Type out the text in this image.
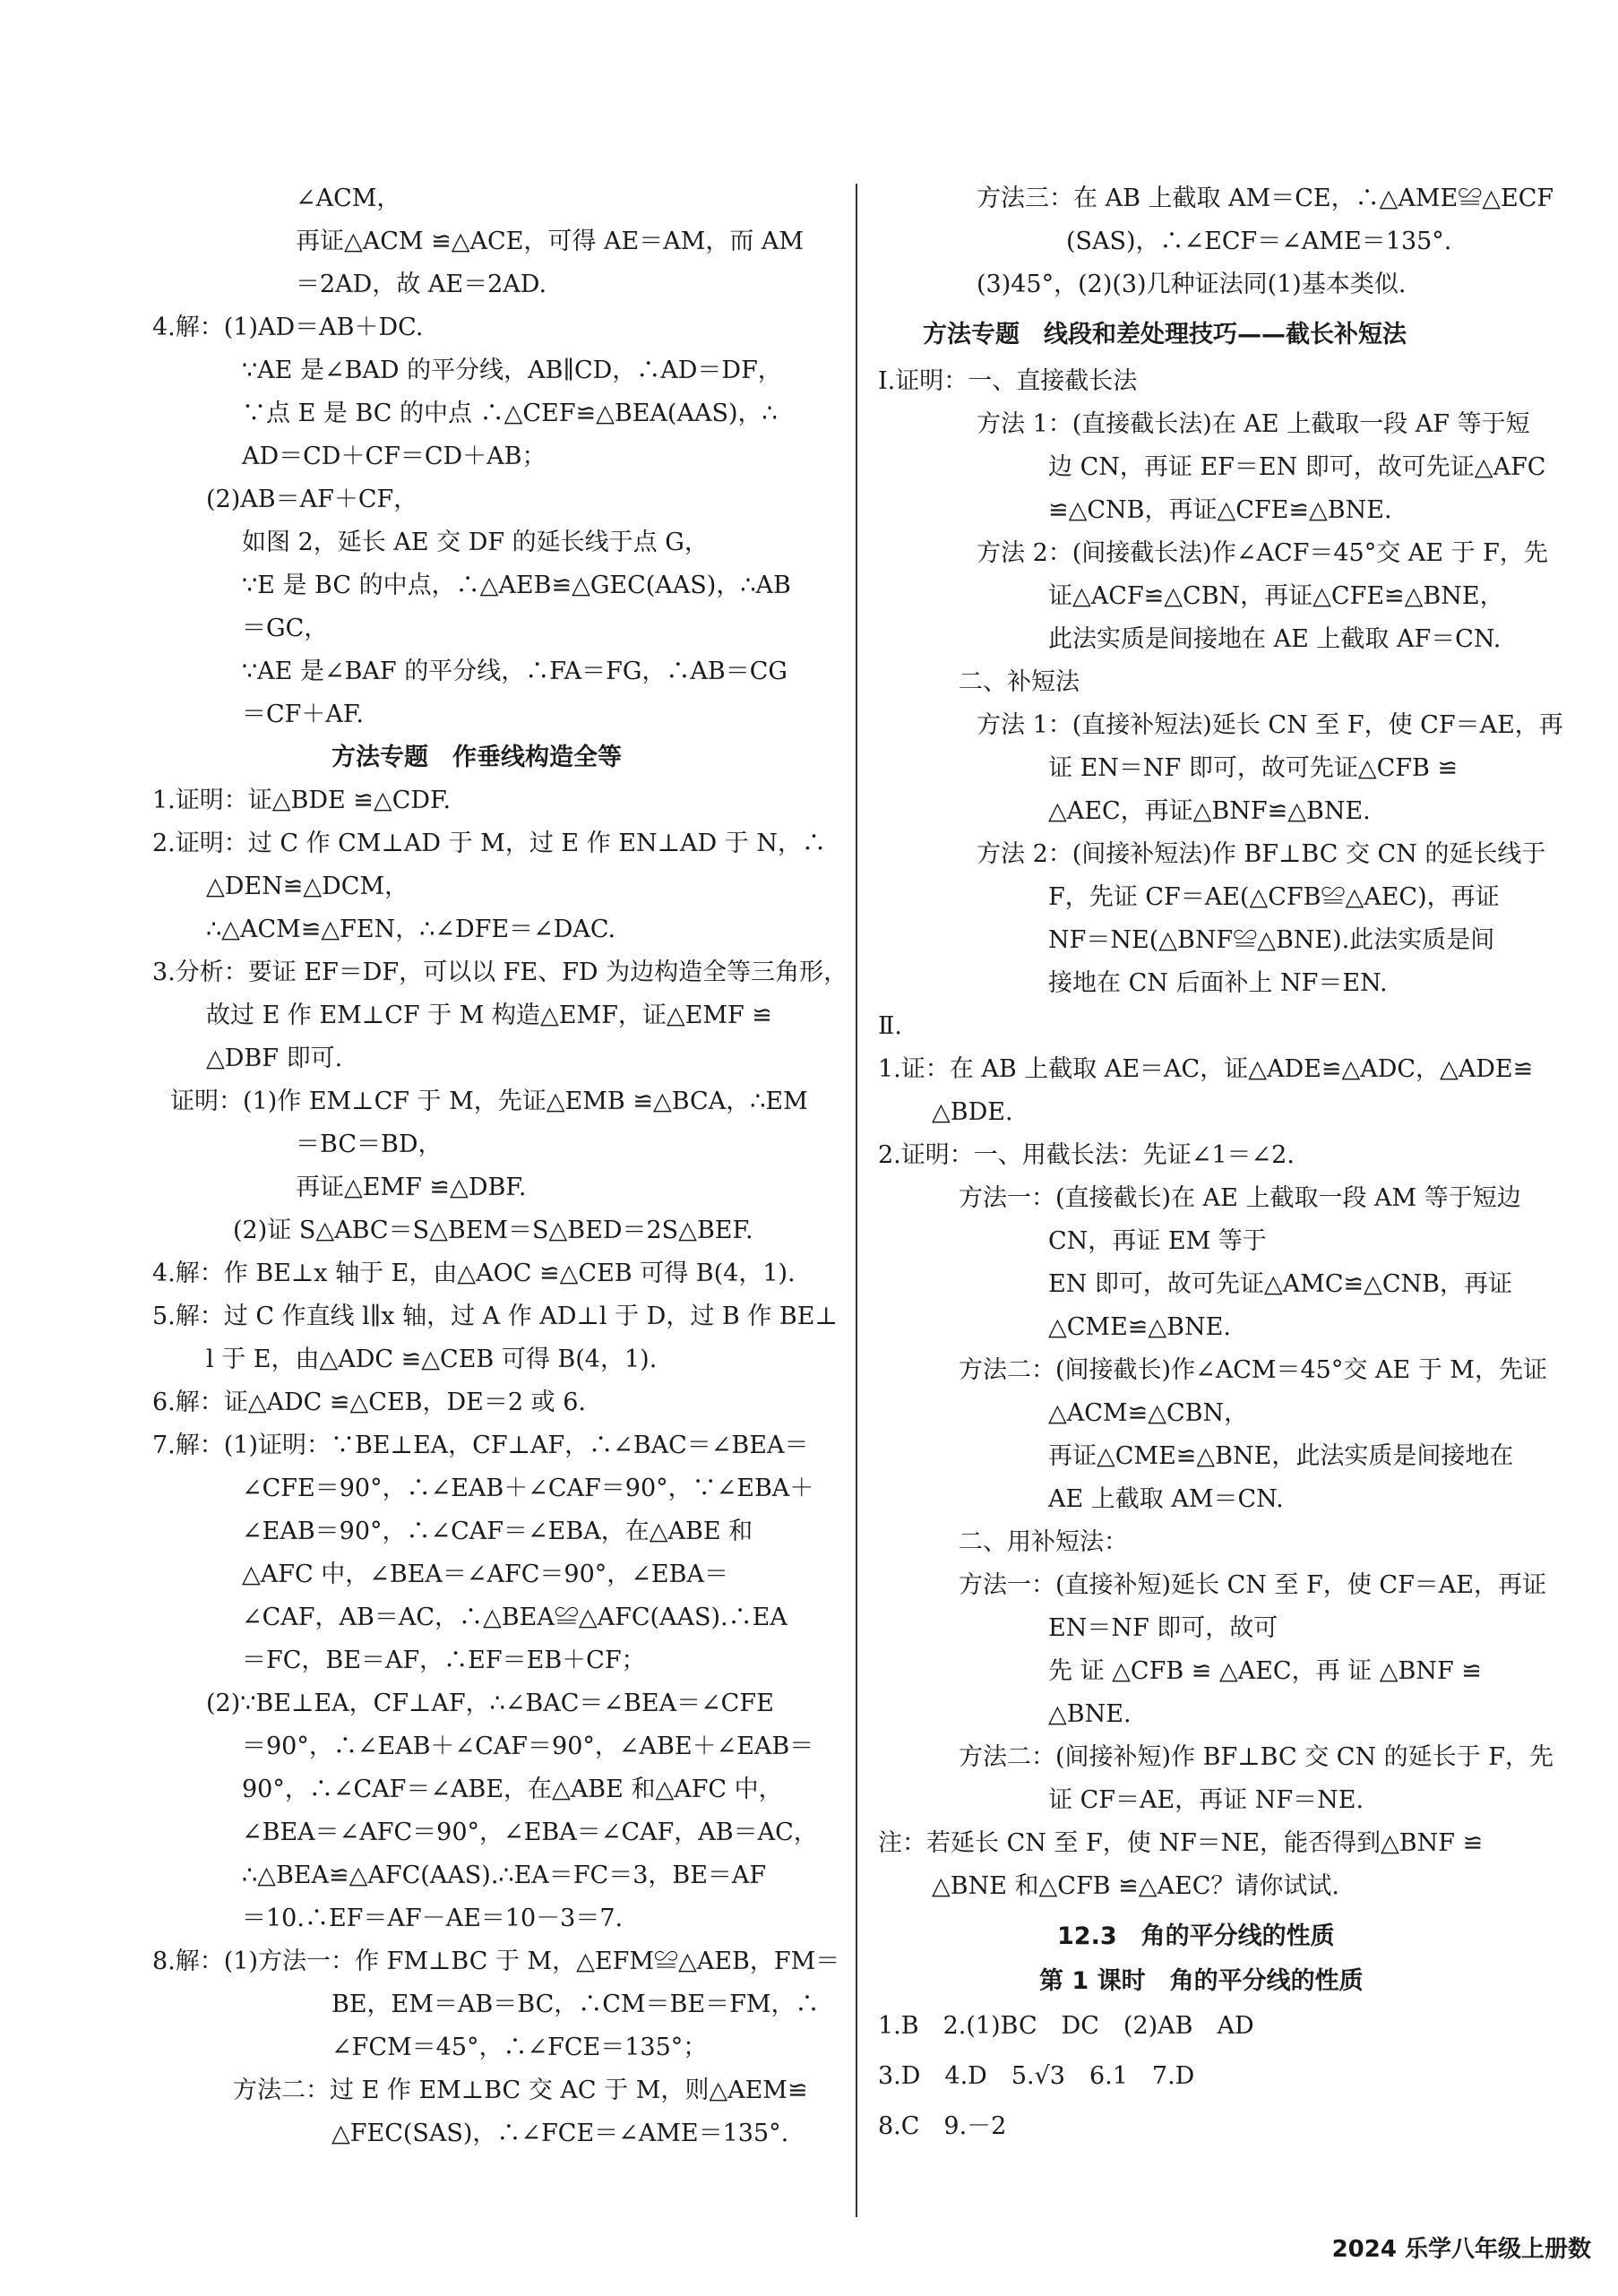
∠ACM，
再证△ACM ≌△ACE，可得 AE＝AM，而 AM
＝2AD，故 AE＝2AD.
4.解：(1)AD＝AB＋DC.
∵AE 是∠BAD 的平分线，AB∥CD，∴AD＝DF，
∵点 E 是 BC 的中点 ∴△CEF≌△BEA(AAS)，∴
AD＝CD＋CF＝CD＋AB；
(2)AB＝AF＋CF，
如图 2，延长 AE 交 DF 的延长线于点 G，
∵E 是 BC 的中点，∴△AEB≌△GEC(AAS)，∴AB
＝GC，
∵AE 是∠BAF 的平分线，∴FA＝FG，∴AB＝CG
＝CF＋AF.
方法专题　作垂线构造全等
1.证明：证△BDE ≌△CDF.
2.证明：过 C 作 CM⊥AD 于 M，过 E 作 EN⊥AD 于 N，∴
△DEN≌△DCM，
∴△ACM≌△FEN，∴∠DFE＝∠DAC.
3.分析：要证 EF＝DF，可以以 FE、FD 为边构造全等三角形，
故过 E 作 EM⊥CF 于 M 构造△EMF，证△EMF ≌
△DBF 即可.
证明：(1)作 EM⊥CF 于 M，先证△EMB ≌△BCA，∴EM
＝BC＝BD，
再证△EMF ≌△DBF.
(2)证 S△ABC＝S△BEM＝S△BED＝2S△BEF.
4.解：作 BE⊥x 轴于 E，由△AOC ≌△CEB 可得 B(4，1).
5.解：过 C 作直线 l∥x 轴，过 A 作 AD⊥l 于 D，过 B 作 BE⊥
l 于 E，由△ADC ≌△CEB 可得 B(4，1).
6.解：证△ADC ≌△CEB，DE＝2 或 6.
7.解：(1)证明：∵BE⊥EA，CF⊥AF，∴∠BAC＝∠BEA＝
∠CFE＝90°，∴∠EAB＋∠CAF＝90°，∵∠EBA＋
∠EAB＝90°，∴∠CAF＝∠EBA，在△ABE 和
△AFC 中，∠BEA＝∠AFC＝90°，∠EBA＝
∠CAF，AB＝AC，∴△BEA≌△AFC(AAS).∴EA
＝FC，BE＝AF，∴EF＝EB＋CF；
(2)∵BE⊥EA，CF⊥AF，∴∠BAC＝∠BEA＝∠CFE
＝90°，∴∠EAB＋∠CAF＝90°，∠ABE＋∠EAB＝
90°，∴∠CAF＝∠ABE，在△ABE 和△AFC 中，
∠BEA＝∠AFC＝90°，∠EBA＝∠CAF，AB＝AC，
∴△BEA≌△AFC(AAS).∴EA＝FC＝3，BE＝AF
＝10.∴EF＝AF－AE＝10－3＝7.
8.解：(1)方法一：作 FM⊥BC 于 M，△EFM≌△AEB，FM＝
BE，EM＝AB＝BC，∴CM＝BE＝FM，∴
∠FCM＝45°，∴∠FCE＝135°；
方法二：过 E 作 EM⊥BC 交 AC 于 M，则△AEM≌
△FEC(SAS)，∴∠FCE＝∠AME＝135°.
方法三：在 AB 上截取 AM＝CE，∴△AME≌△ECF
(SAS)，∴∠ECF＝∠AME＝135°.
(3)45°，(2)(3)几种证法同(1)基本类似.
方法专题　线段和差处理技巧——截长补短法
Ⅰ.证明：一、直接截长法
方法 1：(直接截长法)在 AE 上截取一段 AF 等于短
边 CN，再证 EF＝EN 即可，故可先证△AFC
≌△CNB，再证△CFE≌△BNE.
方法 2：(间接截长法)作∠ACF＝45°交 AE 于 F，先
证△ACF≌△CBN，再证△CFE≌△BNE，
此法实质是间接地在 AE 上截取 AF＝CN.
二、补短法
方法 1：(直接补短法)延长 CN 至 F，使 CF＝AE，再
证 EN＝NF 即可，故可先证△CFB ≌
△AEC，再证△BNF≌△BNE.
方法 2：(间接补短法)作 BF⊥BC 交 CN 的延长线于
F，先证 CF＝AE(△CFB≌△AEC)，再证
NF＝NE(△BNF≌△BNE).此法实质是间
接地在 CN 后面补上 NF＝EN.
Ⅱ.
1.证：在 AB 上截取 AE＝AC，证△ADE≌△ADC，△ADE≌
△BDE.
2.证明：一、用截长法：先证∠1＝∠2.
方法一：(直接截长)在 AE 上截取一段 AM 等于短边
CN，再证 EM 等于
EN 即可，故可先证△AMC≌△CNB，再证
△CME≌△BNE.
方法二：(间接截长)作∠ACM＝45°交 AE 于 M，先证
△ACM≌△CBN，
再证△CME≌△BNE，此法实质是间接地在
AE 上截取 AM＝CN.
二、用补短法：
方法一：(直接补短)延长 CN 至 F，使 CF＝AE，再证
EN＝NF 即可，故可
先 证 △CFB ≌ △AEC，再 证 △BNF ≌
△BNE.
方法二：(间接补短)作 BF⊥BC 交 CN 的延长于 F，先
证 CF＝AE，再证 NF＝NE.
注：若延长 CN 至 F，使 NF＝NE，能否得到△BNF ≌
△BNE 和△CFB ≌△AEC？请你试试.
12.3　角的平分线的性质
第 1 课时　角的平分线的性质
1.B　2.(1)BC　DC　(2)AB　AD
3.D　4.D　5.√3　6.1　7.D
8.C　9.－2
2024 乐学八年级上册数
